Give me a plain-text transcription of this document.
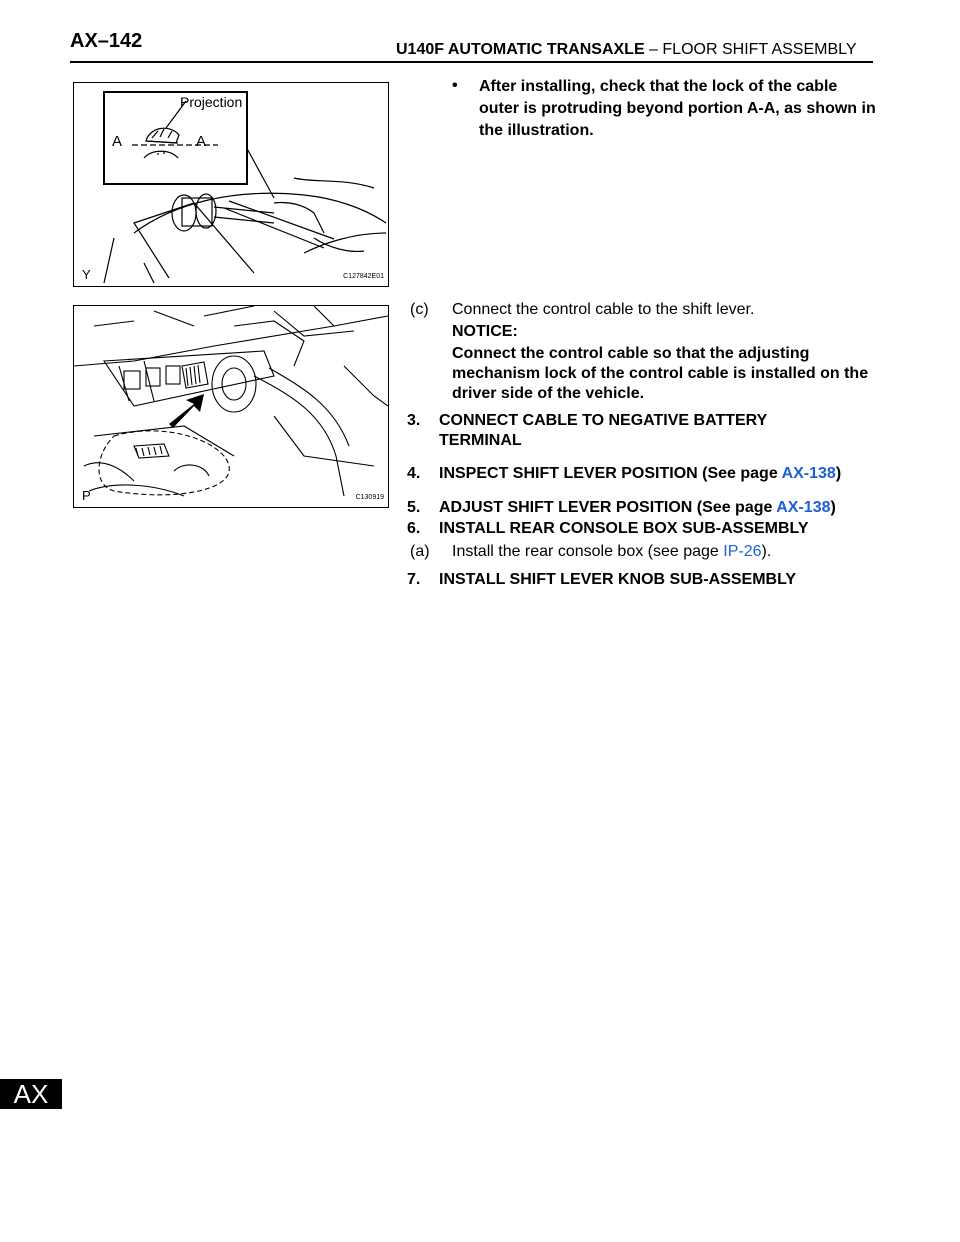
AX–142	U140F AUTOMATIC TRANSAXLE – FLOOR SHIFT ASSEMBLY
Projection
A	A
Y	C127842E01
P	C130919
• After installing, check that the lock of the cable outer is protruding beyond portion A-A, as shown in the illustration.
(c) Connect the control cable to the shift lever.
NOTICE:
Connect the control cable so that the adjusting mechanism lock of the control cable is installed on the driver side of the vehicle.
3. CONNECT CABLE TO NEGATIVE BATTERY TERMINAL
4. INSPECT SHIFT LEVER POSITION (See page AX-138)
5. ADJUST SHIFT LEVER POSITION (See page AX-138)
6. INSTALL REAR CONSOLE BOX SUB-ASSEMBLY
(a) Install the rear console box (see page IP-26).
7. INSTALL SHIFT LEVER KNOB SUB-ASSEMBLY
AX
